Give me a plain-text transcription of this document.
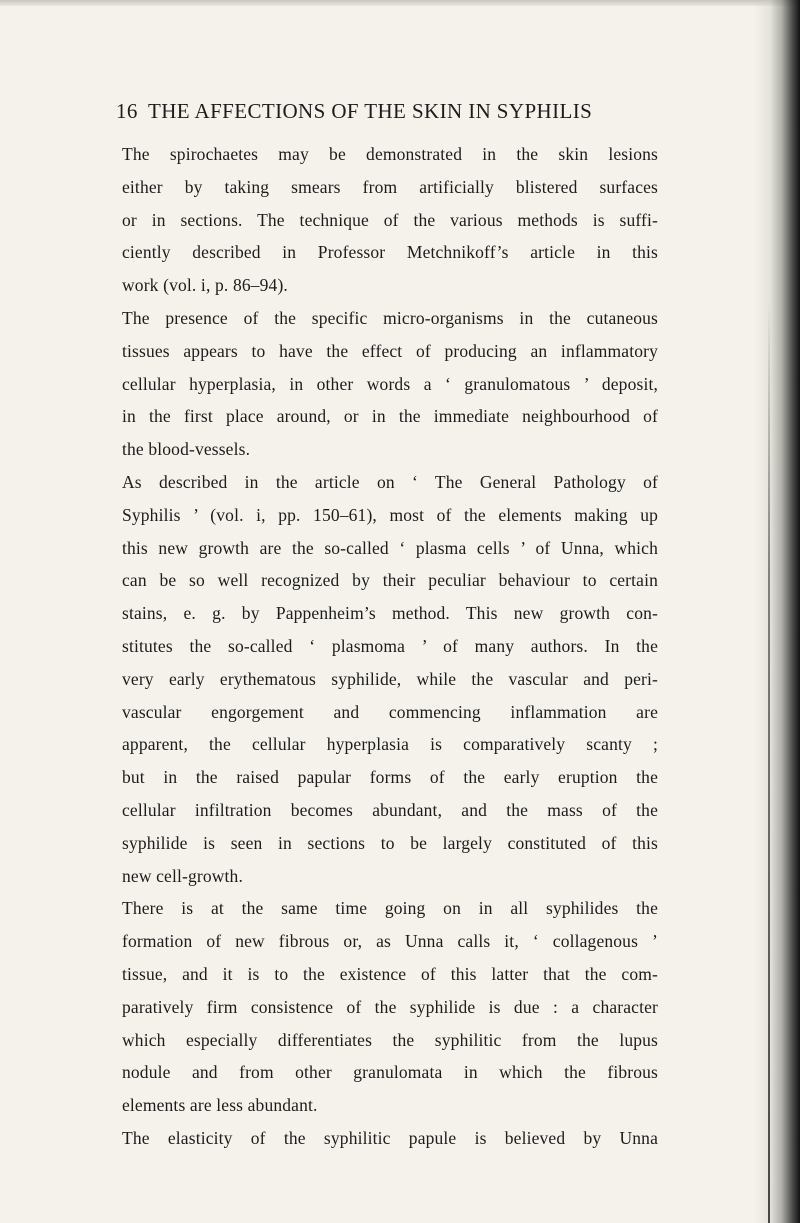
16 THE AFFECTIONS OF THE SKIN IN SYPHILIS
The spirochaetes may be demonstrated in the skin lesions
either by taking smears from artificially blistered surfaces
or in sections. The technique of the various methods is suffi-
ciently described in Professor Metchnikoff’s article in this
work (vol. i, p. 86–94).
The presence of the specific micro-organisms in the cutaneous
tissues appears to have the effect of producing an inflammatory
cellular hyperplasia, in other words a ‘ granulomatous ’ deposit,
in the first place around, or in the immediate neighbourhood of
the blood-vessels.
As described in the article on ‘ The General Pathology of
Syphilis ’ (vol. i, pp. 150–61), most of the elements making up
this new growth are the so-called ‘ plasma cells ’ of Unna, which
can be so well recognized by their peculiar behaviour to certain
stains, e. g. by Pappenheim’s method. This new growth con-
stitutes the so-called ‘ plasmoma ’ of many authors. In the
very early erythematous syphilide, while the vascular and peri-
vascular engorgement and commencing inflammation are
apparent, the cellular hyperplasia is comparatively scanty ;
but in the raised papular forms of the early eruption the
cellular infiltration becomes abundant, and the mass of the
syphilide is seen in sections to be largely constituted of this
new cell-growth.
There is at the same time going on in all syphilides the
formation of new fibrous or, as Unna calls it, ‘ collagenous ’
tissue, and it is to the existence of this latter that the com-
paratively firm consistence of the syphilide is due : a character
which especially differentiates the syphilitic from the lupus
nodule and from other granulomata in which the fibrous
elements are less abundant.
The elasticity of the syphilitic papule is believed by Unna
